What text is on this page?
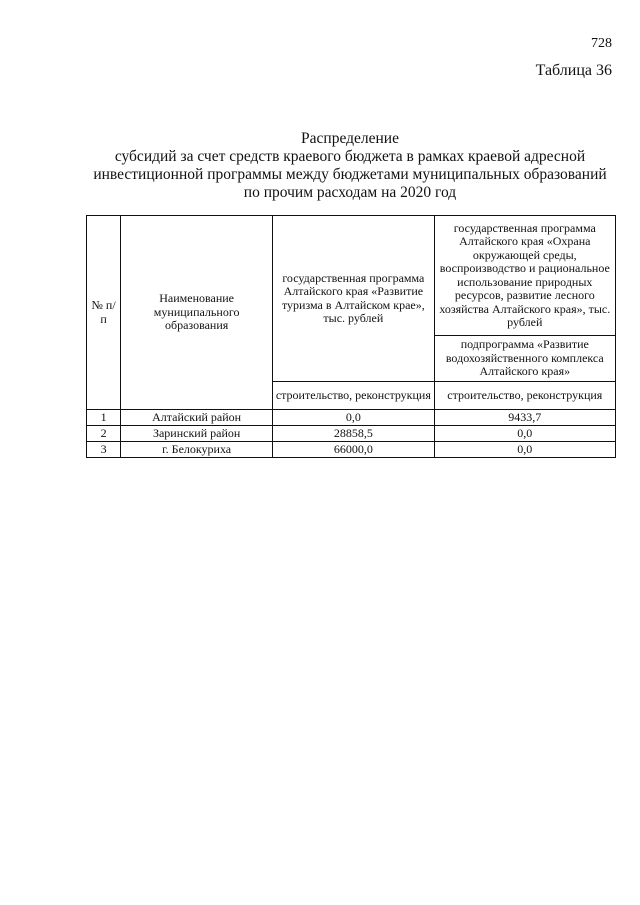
728
Таблица 36
Распределение
субсидий за счет средств краевого бюджета в рамках краевой адресной
инвестиционной программы между бюджетами муниципальных образований
по прочим расходам на 2020 год
№ п/п	Наименование муниципального образования	государственная программа Алтайского края «Развитие туризма в Алтайском крае», тыс. рублей	государственная программа Алтайского края «Охрана окружающей среды, воспроизводство и рациональное использование природных ресурсов, развитие лесного хозяйства Алтайского края», тыс. рублей
			подпрограмма «Развитие водохозяйственного комплекса Алтайского края»
		строительство, реконструкция	строительство, реконструкция
1	Алтайский район	0,0	9433,7
2	Заринский район	28858,5	0,0
3	г. Белокуриха	66000,0	0,0
